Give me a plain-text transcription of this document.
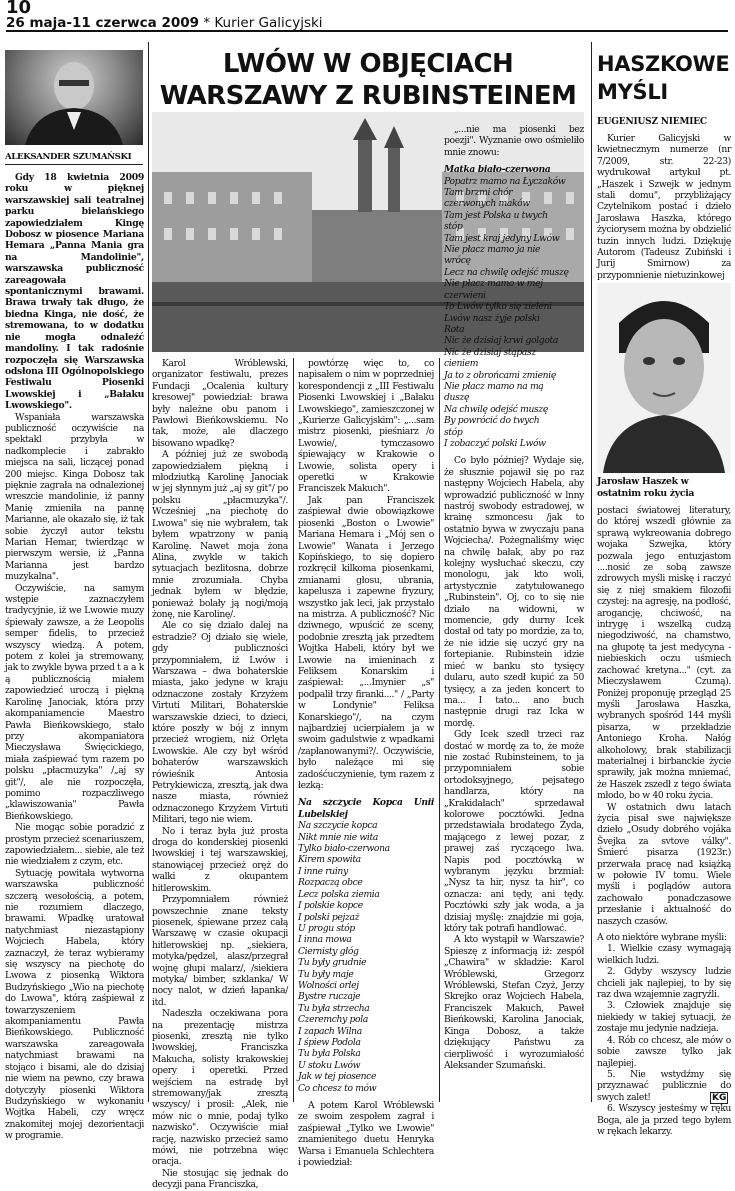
10
26 maja-11 czerwca 2009 * Kurier Galicyjski
LWÓW W OBJĘCIACH WARSZAWY Z RUBINSTEINEM
HASZKOWE MYŚLI
EUGENIUSZ NIEMIEC
ALEKSANDER SZUMAŃSKI

Gdy 18 kwietnia 2009 roku w pięknej warszawskiej sali teatralnej parku bielańskiego zapowiedziałem Kingę Dobosz w piosence Mariana Hemara „Panna Mania gra na Mandolinie", warszawska publiczność zareagowała spontanicznymi brawami. Brawa trwały tak długo, że biedna Kinga, nie dość, że stremowana, to w dodatku nie mogła odnaleźć mandoliny. I tak radośnie rozpoczęła się Warszawska odsłona III Ogólnopolskiego Festiwalu Piosenki Lwowskiej i „Bałaku Lwowskiego".

Wspaniała warszawska publiczność oczywiście na spektakl przybyła w nadkomplecie i zabrakło miejsca na sali, liczącej ponad 200 miejsc. Kinga Dobosz tak pięknie zagrała na odnalezionej wreszcie mandolinie, iż panny Manię zmieniła na pannę Marianne, ale okazało się, iż tak sobie życzył autor tekstu Marian Hemar, twierdząc w pierwszym wersie, iż „Panna Marianna jest bardzo muzykalna".

Oczywiście, na samym wstępie zaznaczyłem tradycyjnie, iż we Lwowie muzy śpiewały zawsze, a że Leopolis semper fidelis, to przecież wszyscy wiedzą. A potem, potem z kolei ja stremowany, jak to zwykle bywa przed t a a k ą publicznością miałem zapowiedzieć uroczą i piękną Karolinę Janociak, która przy akompaniamencie Maestro Pawła Bieńkowskiego, stało przy akompaniatora Mieczysława Święcickiego, miała zaśpiewać tym razem po polsku „płacmuzyka" /„aj sy git"/, ale nie rozpoczęła, pomimo rozpaczliwego „klawiszowania" Pawła Bieńkowskiego.

Nie mogąc sobie poradzić z prostym przecież scenariuszem, zapowiedziałem... siebie, ale też nie wiedziałem z czym, etc.

Sytuację powitała wytworna warszawska publiczność szczerą wesołością, a potem, nie rozumiem dlaczego, brawami. Wpadkę uratował natychmiast niezastąpiony Wojciech Habela, który zaznaczył, że teraz wybieramy się wszyscy na piechotę do Lwowa z piosenką Wiktora Budzyńskiego „Wio na piechotę do Lwowa", którą zaśpiewał z towarzyszeniem akompaniamentu Pawła Bieńkowskiego. Publiczność warszawska zareagowała natychmiast brawami na stojąco i bisami, ale do dzisiaj nie wiem na pewno, czy brawa dotyczyły piosenki Wiktora Budzyńskiego w wykonaniu Wojtka Habeli, czy wręcz znakomitej mojej dezorientacji w programie.

Karol Wróblewski, organizator festiwalu, prezes Fundacji „Ocalenia kultury kresowej" powiedział: brawa były należne obu panom i Pawłowi Bieńkowskiemu. No tak, może, ale dlaczego bisowano wpadkę?

A później już ze swobodą zapowiedziałem piękną i młodziutką Karolinę Janociak w jej słynnym już „aj sy git"/ po polsku „płacmuzyka"/. Wcześniej „na piechotę do Lwowa" się nie wybrałem, tak byłem wpatrzony w panią Karolinę. Nawet moja żona Alina, zwykle w takich sytuacjach bezlitosna, dobrze mnie zrozumiała. Chyba jednak byłem w błędzie, ponieważ bolały ją nogi/moją żonę, nie Karolinę/.

Ale co się działo dalej na estradzie? Oj działo się wiele, gdy publiczności przypomniałem, iż Lwów i Warszawa – dwa bohaterskie miasta, jako jedyne w kraju odznaczone zostały Krzyżem Virtuti Militari, Bohaterskie warszawskie dzieci, to dzieci, które poszły w bój z innym przecież wrogiem, niż Orlęta Lwowskie. Ale czy był wśród bohaterów warszawskich rówieśnik Antosia Petrykiewicza, zresztą, jak dwa nasze miasta, również odznaczonego Krzyżem Virtuti Militari, tego nie wiem.

No i teraz była już prosta droga do konderskiej piosenki lwowskiej i tej warszawskiej, stanowiącej przecież oręż do walki z okupantem hitlerowskim.

Przypomniałem również powszechnie znane teksty piosenek, śpiewane przez całą Warszawę w czasie okupacji hitlerowskiej np. „siekiera, motyka/pędzel, alasz/przegrał wojnę głupi malarz/, /siekiera motyka/ bimber, szklanka/ W nocy nalot, w dzień łapanka/ itd.

Nadeszła oczekiwana pora na prezentację mistrza piosenki, zresztą nie tylko lwowskiej, Franciszka Makucha, solisty krakowskiej opery i operetki. Przed wejściem na estradę był stremowany/jak zresztą wszyscy/ i prosił: „Alek, nie mów nic o mnie, podaj tylko nazwisko". Oczywiście miał rację, nazwisko przecież samo mówi, nie potrzebna więc oracja.

Nie stosując się jednak do decyzji pana Franciszka,

powtórzę więc to, co napisałem o nim w poprzedniej korespondencji z „III Festiwalu Piosenki Lwowskiej i „Bałaku Lwowskiego", zamieszczonej w „Kurierze Galicyjskim": „...sam mistrz piosenki, pieśniarz /o Lwowie/, tymczasowo śpiewający w Krakowie o Lwowie, solista opery i operetki w Krakowie Franciszek Makuch".

Jak pan Franciszek zaśpiewał dwie obowiązkowe piosenki „Boston o Lwowie" Mariana Hemara i „Mój sen o Lwowie" Wanata i Jerzego Kopińskiego, to się dopiero rozkręcił kilkoma piosenkami, zmianami głosu, ubrania, kapelusza i zapewne fryzury, wszystko jak leci, jak przystało na mistrza. A publiczność? Nic dziwnego, wpuścić ze sceny, podobnie zresztą jak przedtem Wojtka Habeli, który był we Lwowie na imieninach z Feliksem Konarskim i zaśpiewał: „...Imynier „s" podpalił trzy firanki...." / „Party w Londynie" Feliksa Konarskiego"/, na czym najbardziej ucierpiałem ja w swoim gadulstwie z wpadkami /zapłanowanymi?/. Oczywiście, było należące mi się zadośćuczynienie, tym razem z łezką:

Na szczycie Kopca Unii Lubelskiej

Na szczycie kopca
Nikt mnie nie wita
Tylko biało-czerwona
Kirem spowita
I inne ruiny
Rozpaczą obce
Lecz polska ziemia
I polskie kopce
I polski pejzaż
U progu stóp
I inna mowa
Ciernisty głóg
Tu były grudnie
Tu były maje
Wolności orlej
Bystre ruczaje
Tu była strzecha
Czeremchy pola
I zapach Wilna
I śpiew Podola
Tu była Polska
U stoku Lwów
Jak w tej piosence
Co chcesz to mów

A potem Karol Wróblewski ze swoim zespołem zagrał i zaśpiewał „Tylko we Lwowie" znamienitego duetu Henryka Warsa i Emanuela Schlechtera i powiedział:

„...nie ma piosenki bez poezji". Wyznanie owo ośmieliło mnie znowu:

Matka biało-czerwona

Popatrz mamo na Łyczaków
Tam brzmi chór
czerwonych maków
Tam jest Polska u twych
stóp
Tam jest kraj jedyny Lwów
Nie płacz mamo ja nie
wrócę
Lecz na chwilę odejść muszę
Nie płacz mamo w mej
czerwieni
To Lwów tylko się zieleni
Lwów nasz żyje polski
Rota
Nic że dzisiaj krwi golgota
Nic że dzisiaj stąpasz
cieniem
Ja to z obrońcami zmienię
Nie płacz mamo na mą
duszę
Na chwilę odejść muszę
By powrócić do twych
stóp
I zobaczyć polski Lwów

Co było później? Wydaje się, że słusznie pojawił się po raz następny Wojciech Habela, aby wprowadzić publiczność w lnny nastrój swobody estradowej, w krainę szmoncesu /jak to ostatnio bywa w zwyczaju pana Wojciecha/. Pożegnaliśmy więc na chwilę bałak, aby po raz kolejny wysłuchać skeczu, czy monologu, jak kto woli, artystycznie zatytułowanego „Rubinstein". Oj, co to się nie działo na widowni, w momencie, gdy durny Icek dostał od taty po mordzie, za to, że nie idzie się uczyć gry na fortepianie. Rubinstein idzie mieć w banku sto tysięcy dularu, auto szedł kupić za 50 tysięcy, a za jeden koncert to ma... I tato... ano buch następnie drugi raz Icka w mordę.

Gdy Icek szedł trzeci raz dostać w mordę za to, że może nie zostać Rubinsteinem, to ja przypomniałem sobie ortodoksyjnego, pejsatego handlarza, który na „Krakidałach" sprzedawał kolorowe pocztówki. Jedna przedstawiała brodatego Żyda, mającego z lewej pozar, z prawej zaś ryczącego lwa. Napis pod pocztówką w wybranym języku brzmiał: „Nysz ta hir, nysz ta hir", co oznacza: ani tędy, ani tędy. Pocztówki szły jak woda, a ja dzisiaj myślę: znajdzie mi goja, który tak potrafi handlować.

A kto wystąpił w Warszawie? Spieszę z informacją iż: zespół „Chawira" w składzie: Karol Wróblewski, Grzegorz Wróblewski, Stefan Czyż, Jerzy Skrejko oraz Wojciech Habela, Franciszek Makuch, Paweł Bieńkowski, Karolina Janociak, Kinga Dobosz, a także dziękujący Państwu za cierpliwość i wyrozumiałość Aleksander Szumański.

Kurier Galicyjski w kwietnecznym numerze (nr 7/2009, str. 22-23) wydrukował artykuł pt. „Haszek i Szwejk w jednym stali domu", przybliżający Czytelnikom postać i dzieło Jarosława Haszka, którego życiorysem można by obdzielić tuzin innych ludzi. Dziękuję Autorom (Tadeusz Zubiński i Jurij Smirnow) za przypomnienie nietuzinkowej

Jarosław Haszek w ostatnim roku życia

postaci światowej literatury, do której wszedł głównie za sprawą wykreowania dobrego wojaka Szwejka, który pozwala jego entuzjastom ....nosić ze sobą zawsze zdrowych myśli miskę i raczyć się z niej smakiem filozofii czystej: na agresję, na podłość, arogancję, chciwość, na intrygę i wszelką cudzą niegodziwość, na chamstwo, na głupotę ta jest medycyna - niebieskich oczu uśmiech zachować kretyna..." (cyt. za Mieczysławem Czumą). Poniżej proponuję przegląd 25 myśli Jarosława Haszka, wybranych spośród 144 myśli pisarza, w przekładzie Antoniego Kroha. Nałóg alkoholowy, brak stabilizacji materialnej i birbanckie życie sprawiły, jak można mniemać, że Haszek zszedł z tego świata młodo, bo w 40 roku życia.

W ostatnich dwu latach życia pisał swe największe dzieło „Osudy dobrého vojáka Švejka za svtove války". Śmierć pisarza (1923r.) przerwała pracę nad książką w połowie IV tomu. Wiele myśli i poglądów autora zachowało ponadczasowe przesłanie i aktualność do naszych czasów.

A oto niektóre wybrane myśli:

1. Wielkie czasy wymagają wielkich ludzi.

2. Gdyby wszyscy ludzie chcieli jak najlepiej, to by się raz dwa wzajemnie zagryźli.

3. Człowiek znajduje się niekiedy w takiej sytuacji, że zostaje mu jedynie nadzieja.

4. Rób co chcesz, ale mów o sobie zawsze tylko jak najlepiej.

5. Nie wstydźmy się przyznawać publicznie do swych zalet!

6. Wszyscy jesteśmy w ręku Boga, ale ja przed tego byłem w rękach lekarzy.

KG
